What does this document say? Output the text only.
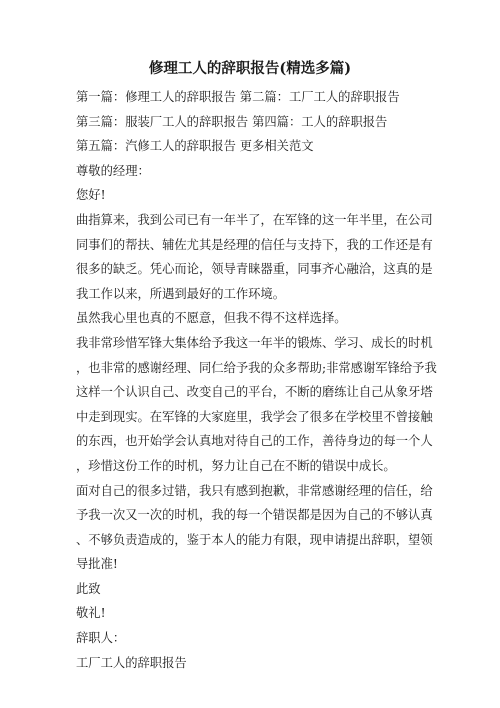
修理工人的辞职报告(精选多篇)
第一篇：修理工人的辞职报告 第二篇：工厂工人的辞职报告
第三篇：服装厂工人的辞职报告 第四篇：工人的辞职报告
第五篇：汽修工人的辞职报告 更多相关范文
尊敬的经理：
您好!
曲指算来，我到公司已有一年半了，在军锋的这一年半里，在公司
同事们的帮扶、辅佐尤其是经理的信任与支持下，我的工作还是有
很多的缺乏。凭心而论，领导青睐器重，同事齐心融洽，这真的是
我工作以来，所遇到最好的工作环境。
虽然我心里也真的不愿意，但我不得不这样选择。
我非常珍惜军锋大集体给予我这一年半的锻炼、学习、成长的时机
，也非常的感谢经理、同仁给予我的众多帮助;非常感谢军锋给予我
这样一个认识自己、改变自己的平台，不断的磨练让自己从象牙塔
中走到现实。在军锋的大家庭里，我学会了很多在学校里不曾接触
的东西，也开始学会认真地对待自己的工作，善待身边的每一个人
，珍惜这份工作的时机，努力让自己在不断的错误中成长。
面对自己的很多过错，我只有感到抱歉，非常感谢经理的信任，给
予我一次又一次的时机，我的每一个错误都是因为自己的不够认真
、不够负责造成的，鉴于本人的能力有限，现申请提出辞职，望领
导批准!
此致
敬礼!
辞职人：
工厂工人的辞职报告
